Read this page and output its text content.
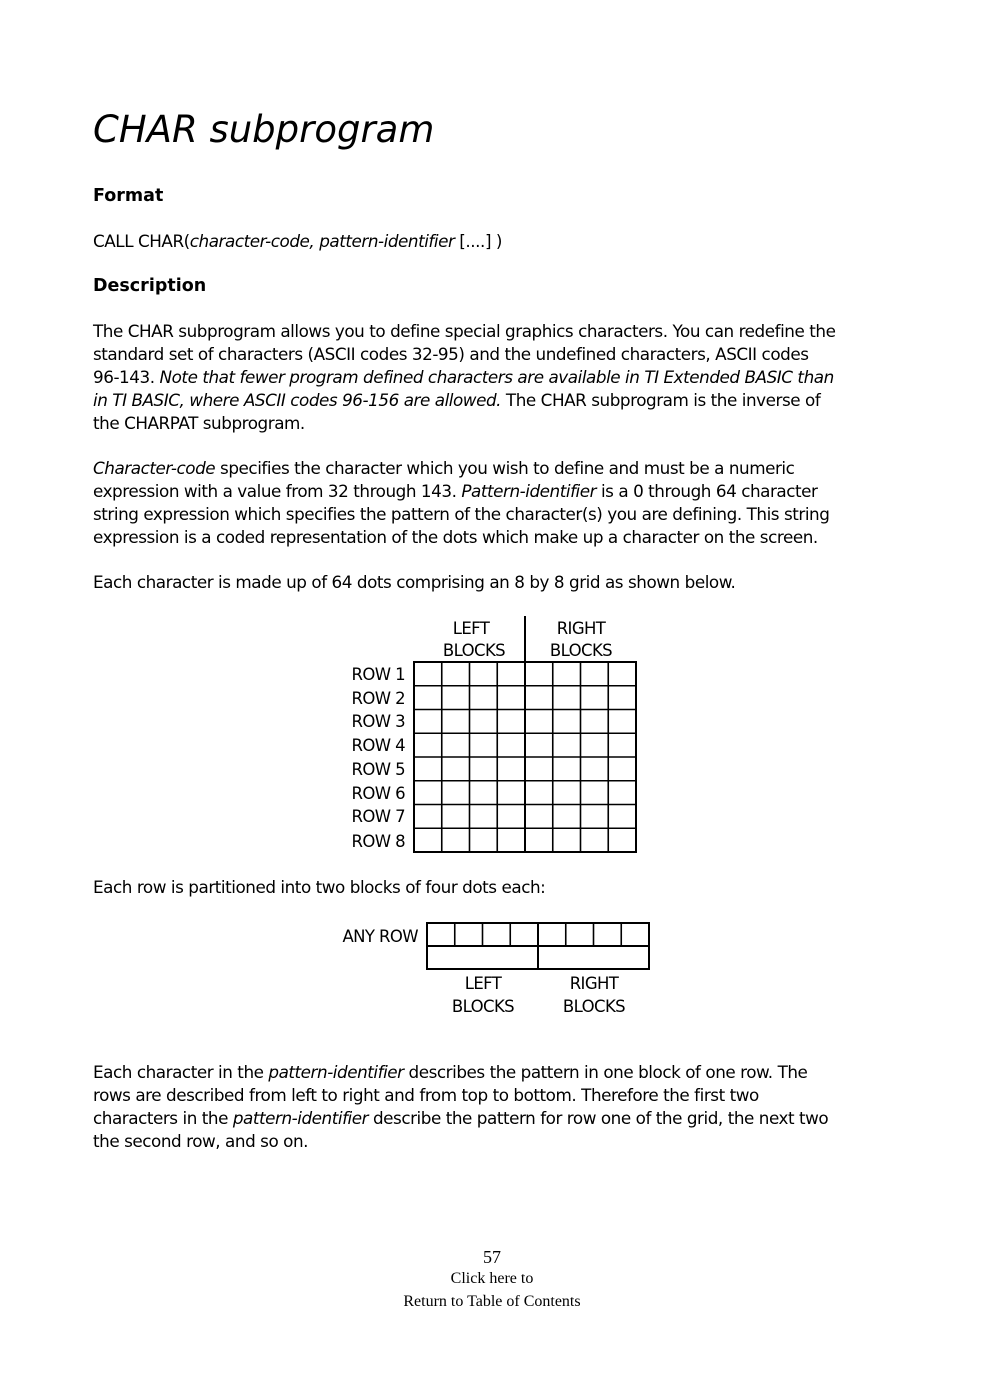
CHAR subprogram
Format

CALL CHAR(character-code, pattern-identifier [....] )

Description
The CHAR subprogram allows you to define special graphics characters. You can redefine the
standard set of characters (ASCII codes 32-95) and the undefined characters, ASCII codes
96-143. Note that fewer program defined characters are available in TI Extended BASIC than
in TI BASIC, where ASCII codes 96-156 are allowed. The CHAR subprogram is the inverse of
the CHARPAT subprogram.
Character-code specifies the character which you wish to define and must be a numeric
expression with a value from 32 through 143. Pattern-identifier is a 0 through 64 character
string expression which specifies the pattern of the character(s) you are defining. This string
expression is a coded representation of the dots which make up a character on the screen.

Each character is made up of 64 dots comprising an 8 by 8 grid as shown below.

LEFT
BLOCKS
RIGHT
BLOCKS
ROW 1
ROW 2
ROW 3
ROW 4
ROW 5
ROW 6
ROW 7
ROW 8

Each row is partitioned into two blocks of four dots each:

ANY ROW
LEFT
BLOCKS
RIGHT
BLOCKS
Each character in the pattern-identifier describes the pattern in one block of one row. The
rows are described from left to right and from top to bottom. Therefore the first two
characters in the pattern-identifier describe the pattern for row one of the grid, the next two
the second row, and so on.
57
Click here to
Return to Table of Contents
